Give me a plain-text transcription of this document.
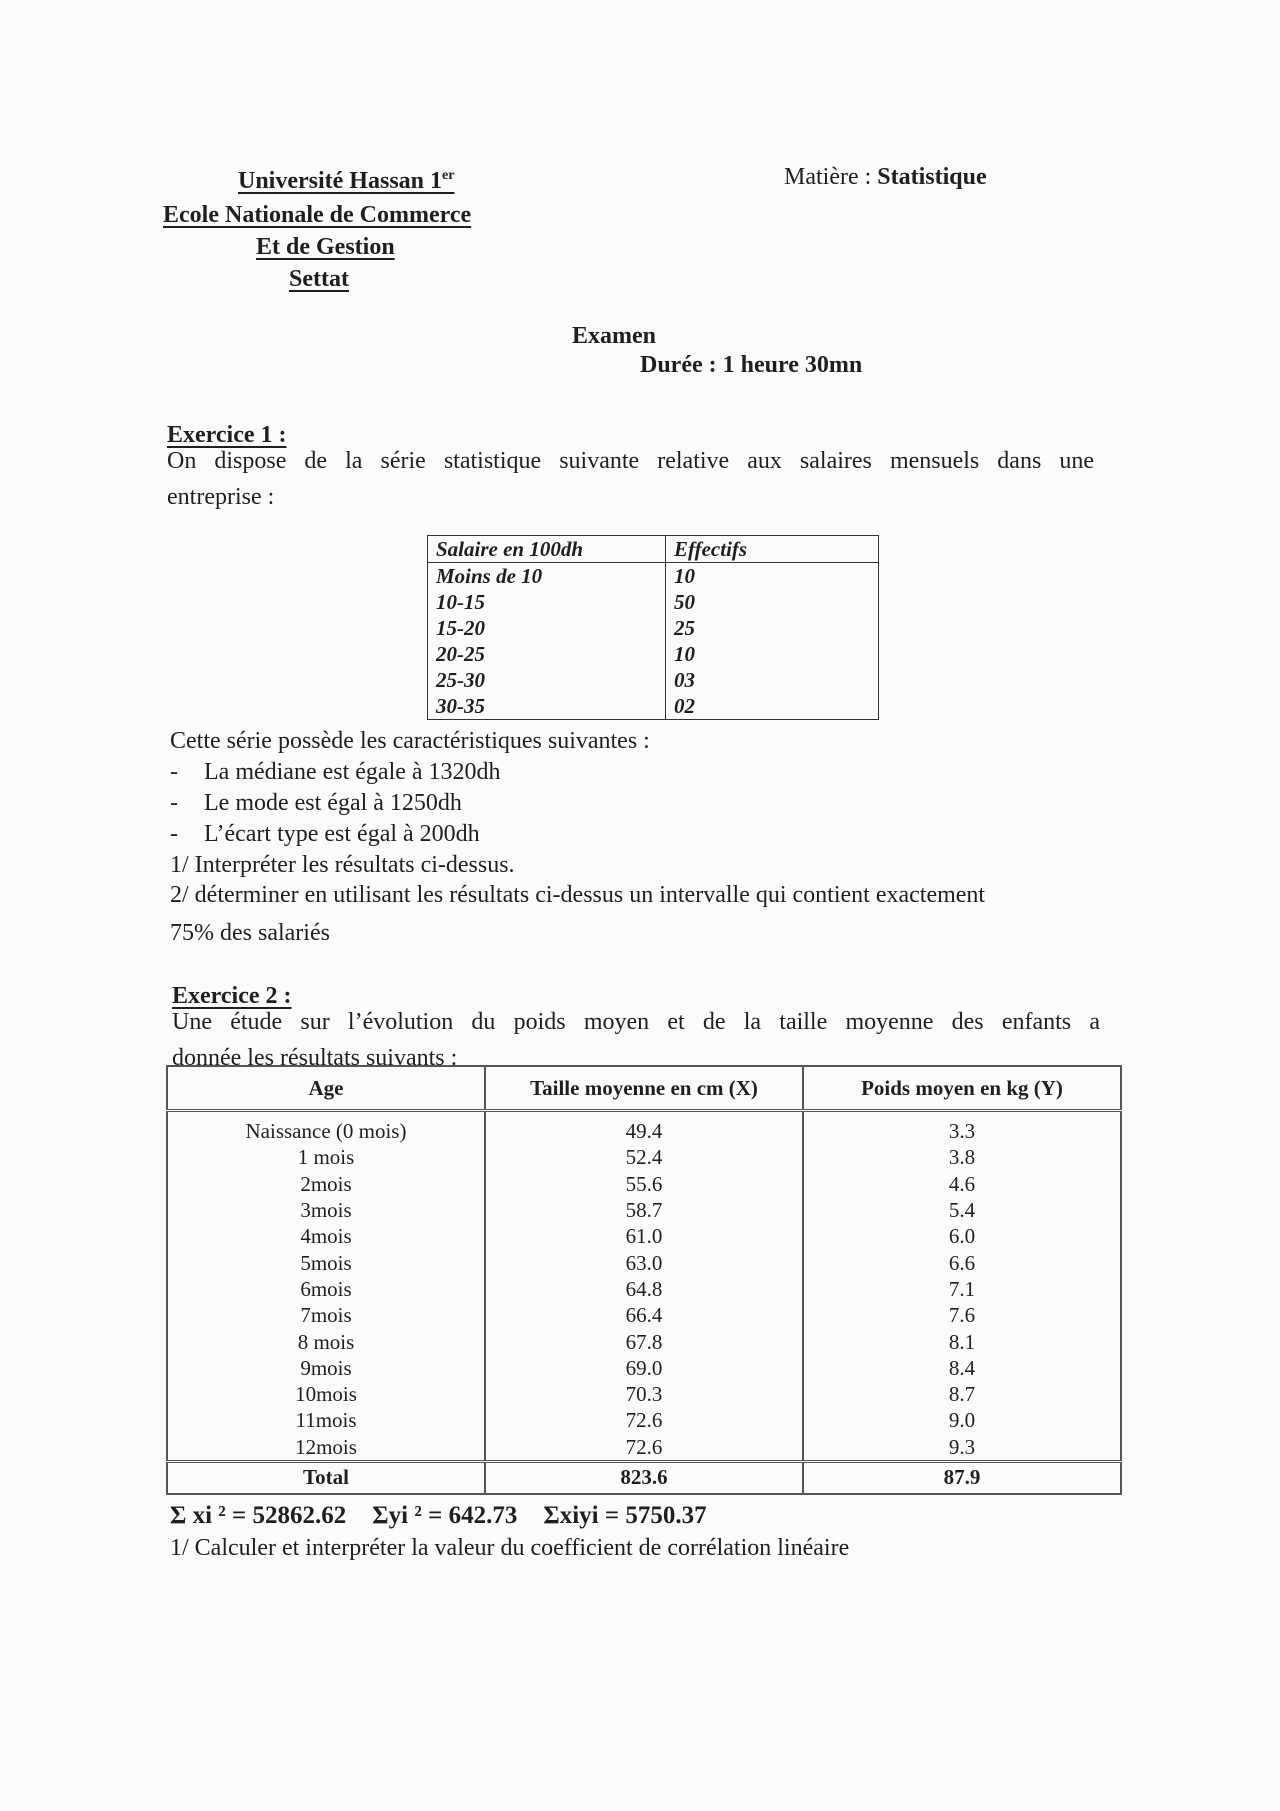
Université Hassan 1er
Ecole Nationale de Commerce
Et de Gestion
Settat
Matière : Statistique
Examen
Durée : 1 heure 30mn
Exercice 1 :
On dispose de la série statistique suivante relative aux salaires mensuels dans une
entreprise :
Salaire en 100dh	Effectifs
Moins de 10	10
10-15	50
15-20	25
20-25	10
25-30	03
30-35	02
Cette série possède les caractéristiques suivantes :
- La médiane est égale à 1320dh
- Le mode est égal à 1250dh
- L’écart type est égal à 200dh
1/ Interpréter les résultats ci-dessus.
2/ déterminer en utilisant les résultats ci-dessus un intervalle qui contient exactement
75% des salariés
Exercice 2 :
Une étude sur l’évolution du poids moyen et de la taille moyenne des enfants a
donnée les résultats suivants :
Age	Taille moyenne en cm (X)	Poids moyen en kg (Y)

Naissance (0 mois)	49.4	3.3
1 mois	52.4	3.8
2mois	55.6	4.6
3mois	58.7	5.4
4mois	61.0	6.0
5mois	63.0	6.6
6mois	64.8	7.1
7mois	66.4	7.6
8 mois	67.8	8.1
9mois	69.0	8.4
10mois	70.3	8.7
11mois	72.6	9.0
12mois	72.6	9.3
Total	823.6	87.9
Σ xi ² = 52862.62 Σyi ² = 642.73 Σxiyi = 5750.37
1/ Calculer et interpréter la valeur du coefficient de corrélation linéaire
